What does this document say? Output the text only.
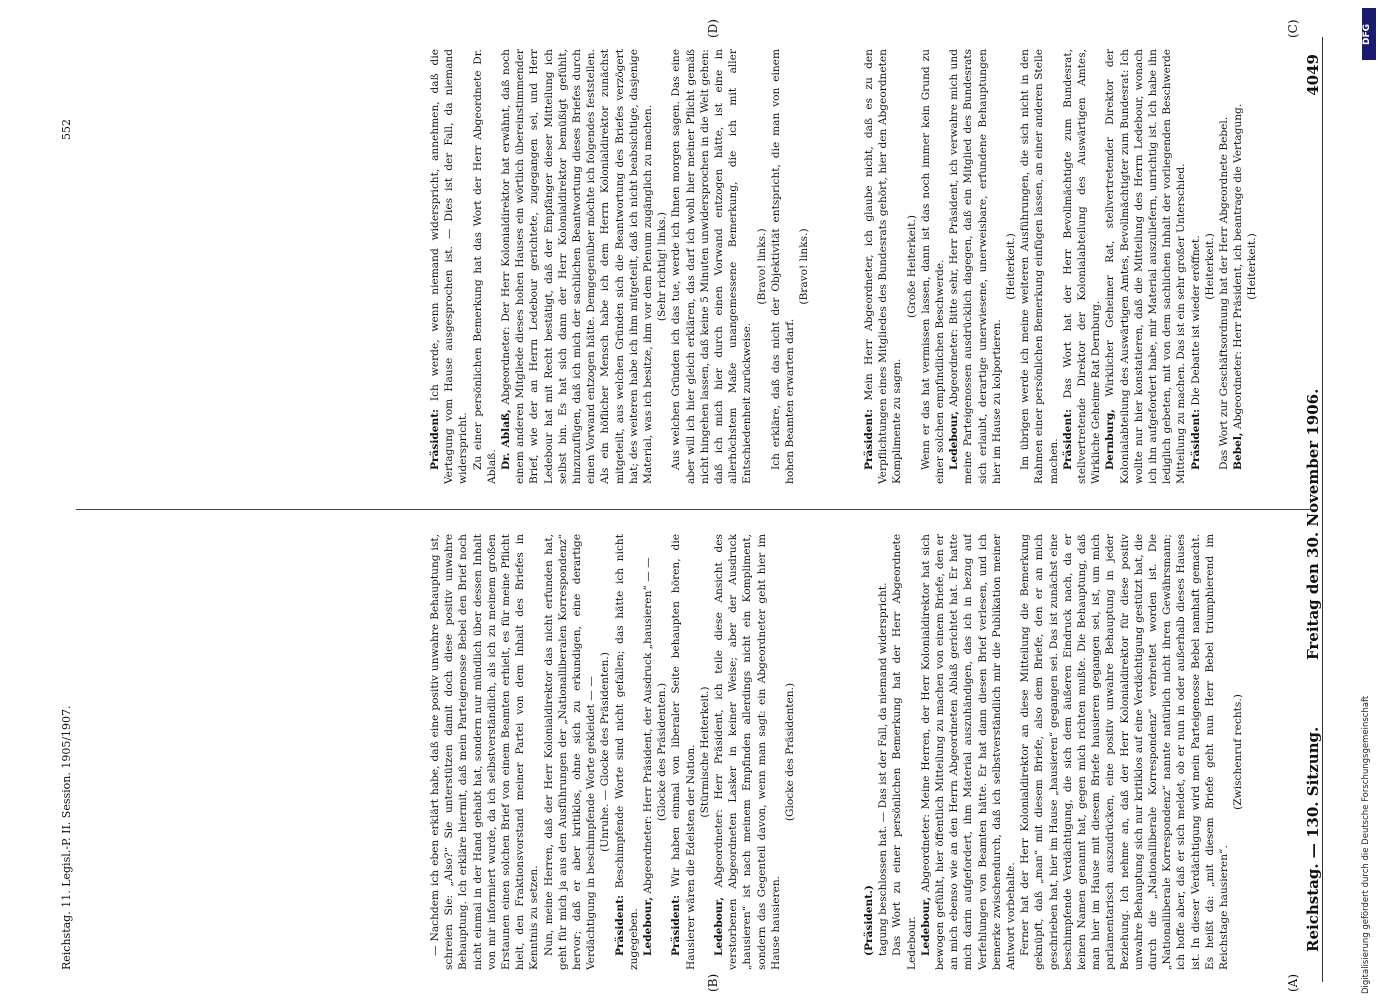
Reichstag. — 130. Sitzung.
Freitag den 30. November 1906.
4049
(A)
(B)
(C)
(D)

(Präsident.) tagung beschlossen hat. — Das ist der Fall, da niemand widerspricht. Das Wort zu einer persönlichen Bemerkung hat der Herr Abgeordnete Ledebour. Ledebour, Abgeordneter: Meine Herren, der Herr Kolonialdirektor hat sich bewogen gefühlt, hier öffentlich Mitteilung zu machen von einem Briefe, den er an mich ebenso wie an den Herrn Abgeordneten Ablaß gerichtet hat. Er hatte mich darin aufgefordert, ihm Material auszuhändigen, das ich in bezug auf Verfehlungen von Beamten hätte. Er hat dann diesen Brief verlesen, und ich bemerke zwischendurch, daß ich selbstverständlich mir die Publikation meiner Antwort vorbehalte. Ferner hat der Herr Kolonialdirektor an diese Mitteilung die Bemerkung geknüpft, daß „man“ mit diesem Briefe, also dem Briefe, den er an mich geschrieben hat, hier im Hause „hausieren“ gegangen sei. Das ist zunächst eine beschimpfende Verdächtigung, die sich dem äußeren Eindruck nach, da er keinen Namen genannt hat, gegen mich richten mußte. Die Behauptung, daß man hier im Hause mit diesem Briefe hausieren gegangen sei, ist, um mich parlamentarisch auszudrücken, eine positiv unwahre Behauptung in jeder Beziehung. Ich nehme an, daß der Herr Kolonialdirektor für diese positiv unwahre Behauptung sich nur kritiklos auf eine Verdächtigung gestützt hat, die durch die „Nationalliberale Korrespondenz“ verbreitet worden ist. Die „Nationalliberale Korrespondenz“ nannte natürlich nicht ihren Gewährsmann; ich hoffe aber, daß er sich meldet, ob er nun in oder außerhalb dieses Hauses ist. In dieser Verdächtigung wird mein Parteigenosse Bebel namhaft gemacht. Es heißt da: „mit diesem Briefe geht nun Herr Bebel triumphierend im Reichstage hausieren“.

(Zwischenruf rechts.)

Präsident: Mein Herr Abgeordneter, ich glaube nicht, daß es zu den Verpflichtungen eines Mitgliedes des Bundesrats gehört, hier den Abgeordneten Komplimente zu sagen.

(Große Heiterkeit.) Wenn er das hat vermissen lassen, dann ist das noch immer kein Grund zu einer solchen empfindlichen Beschwerde. Ledebour, Abgeordneter: Bitte sehr, Herr Präsident, ich verwahre mich und meine Parteigenossen ausdrücklich dagegen, daß ein Mitglied des Bundesrats sich erlaubt, derartige unerwiesene, unerweisbare, erfundene Behauptungen hier im Hause zu kolportieren.

(Heiterkeit.) Im übrigen werde ich meine weiteren Ausführungen, die sich nicht in den Rahmen einer persönlichen Bemerkung einfügen lassen, an einer anderen Stelle machen. Präsident: Das Wort hat der Herr Bevollmächtigte zum Bundesrat, stellvertretende Direktor der Kolonialabteilung des Auswärtigen Amtes, Wirkliche Geheime Rat Dernburg. Dernburg, Wirklicher Geheimer Rat, stellvertretender Direktor der Kolonialabteilung des Auswärtigen Amtes, Bevollmächtigter zum Bundesrat: Ich wollte nur hier konstatieren, daß die Mitteilung des Herrn Ledebour, wonach ich ihn aufgefordert habe, mir Material auszuliefern, unrichtig ist. Ich habe ihn lediglich gebeten, mit von dem sachlichen Inhalt der vorliegenden Beschwerde Mitteilung zu machen. Das ist ein sehr großer Unterschied. Präsident: Die Debatte ist wieder eröffnet. (Heiterkeit.) Das Wort zur Geschäftsordnung hat der Herr Abgeordnete Bebel. Bebel, Abgeordneter: Herr Präsident, ich beantrage die Vertagung. (Heiterkeit.)

Reichstag. 11. Legisl.-P. II. Session. 1905/1907.
552

— Nachdem ich eben erklärt habe, daß eine positiv unwahre Behauptung ist, schreien Sie: „Also?“ Sie unterstützen damit doch diese positiv unwahre Behauptung. Ich erkläre hiermit, daß mein Parteigenosse Bebel den Brief noch nicht einmal in der Hand gehabt hat, sondern nur mündlich über dessen Inhalt von mir informiert wurde, da ich selbstverständlich, als ich zu meinem großen Erstaunen einen solchen Brief von einem Beamten erhielt, es für meine Pflicht hielt, den Fraktionsvorstand meiner Partei von dem Inhalt des Briefes in Kenntnis zu setzen. Nun, meine Herren, daß der Herr Kolonialdirektor das nicht erfunden hat, geht für mich ja aus den Ausführungen der „Nationalliberalen Korrespondenz“ hervor; daß er aber kritiklos, ohne sich zu erkundigen, eine derartige Verdächtigung in beschimpfende Worte gekleidet — — (Unruhe. — Glocke des Präsidenten.)

Präsident: Beschimpfende Worte sind nicht gefallen; das hätte ich nicht zugegeben. Ledebour, Abgeordneter: Herr Präsident, der Ausdruck „hausieren“ — — (Glocke des Präsidenten.)

Präsident: Wir haben einmal von liberaler Seite behaupten hören, die Hausierer wären die Edelsten der Nation. (Stürmische Heiterkeit.)

Ledebour, Abgeordneter: Herr Präsident, ich teile diese Ansicht des verstorbenen Abgeordneten Lasker in keiner Weise; aber der Ausdruck „hausieren“ ist nach meinem Empfinden allerdings nicht ein Kompliment, sondern das Gegenteil davon, wenn man sagt: ein Abgeordneter geht hier im Hause hausieren.

(Glocke des Präsidenten.)

Präsident: Ich werde, wenn niemand widerspricht, annehmen, daß die Vertagung vom Hause ausgesprochen ist. — Dies ist der Fall, da niemand widerspricht. Zu einer persönlichen Bemerkung hat das Wort der Herr Abgeordnete Dr. Ablaß. Dr. Ablaß, Abgeordneter: Der Herr Kolonialdirektor hat erwähnt, daß noch einem anderen Mitgliede dieses hohen Hauses ein wörtlich übereinstimmender Brief, wie der an Herrn Ledebour gerichtete, zugegangen sei, und Herr Ledebour hat mit Recht bestätigt, daß der Empfänger dieser Mitteilung ich selbst bin. Es hat sich dann der Herr Kolonialdirektor bemüßigt gefühlt, hinzuzufügen, daß ich mich der sachlichen Beantwortung dieses Briefes durch einen Vorwand entzogen hätte. Demgegenüber möchte ich folgendes feststellen. Als ein höflicher Mensch habe ich dem Herrn Kolonialdirektor zunächst mitgeteilt, aus welchen Gründen sich die Beantwortung des Briefes verzögert hat; des weiteren habe ich ihm mitgeteilt, daß ich nicht beabsichtige, dasjenige Material, was ich besitze, ihm vor dem Plenum zugänglich zu machen. (Sehr richtig! links.) Aus welchen Gründen ich das tue, werde ich Ihnen morgen sagen. Das eine aber will ich hier gleich erklären, das darf ich wohl hier meiner Pflicht gemäß nicht hingehen lassen, daß keine 5 Minuten unwidersprochen in die Welt gehen: daß ich mich hier durch einen Vorwand entzogen hätte, ist eine in allerhöchstem Maße unangemessene Bemerkung, die ich mit aller Entschiedenheit zurückweise.

(Bravo! links.) Ich erkläre, daß das nicht der Objektivität entspricht, die man von einem hohen Beamten erwarten darf.

(Bravo! links.)

DFG
Digitalisierung gefördert durch die Deutsche Forschungsgemeinschaft
